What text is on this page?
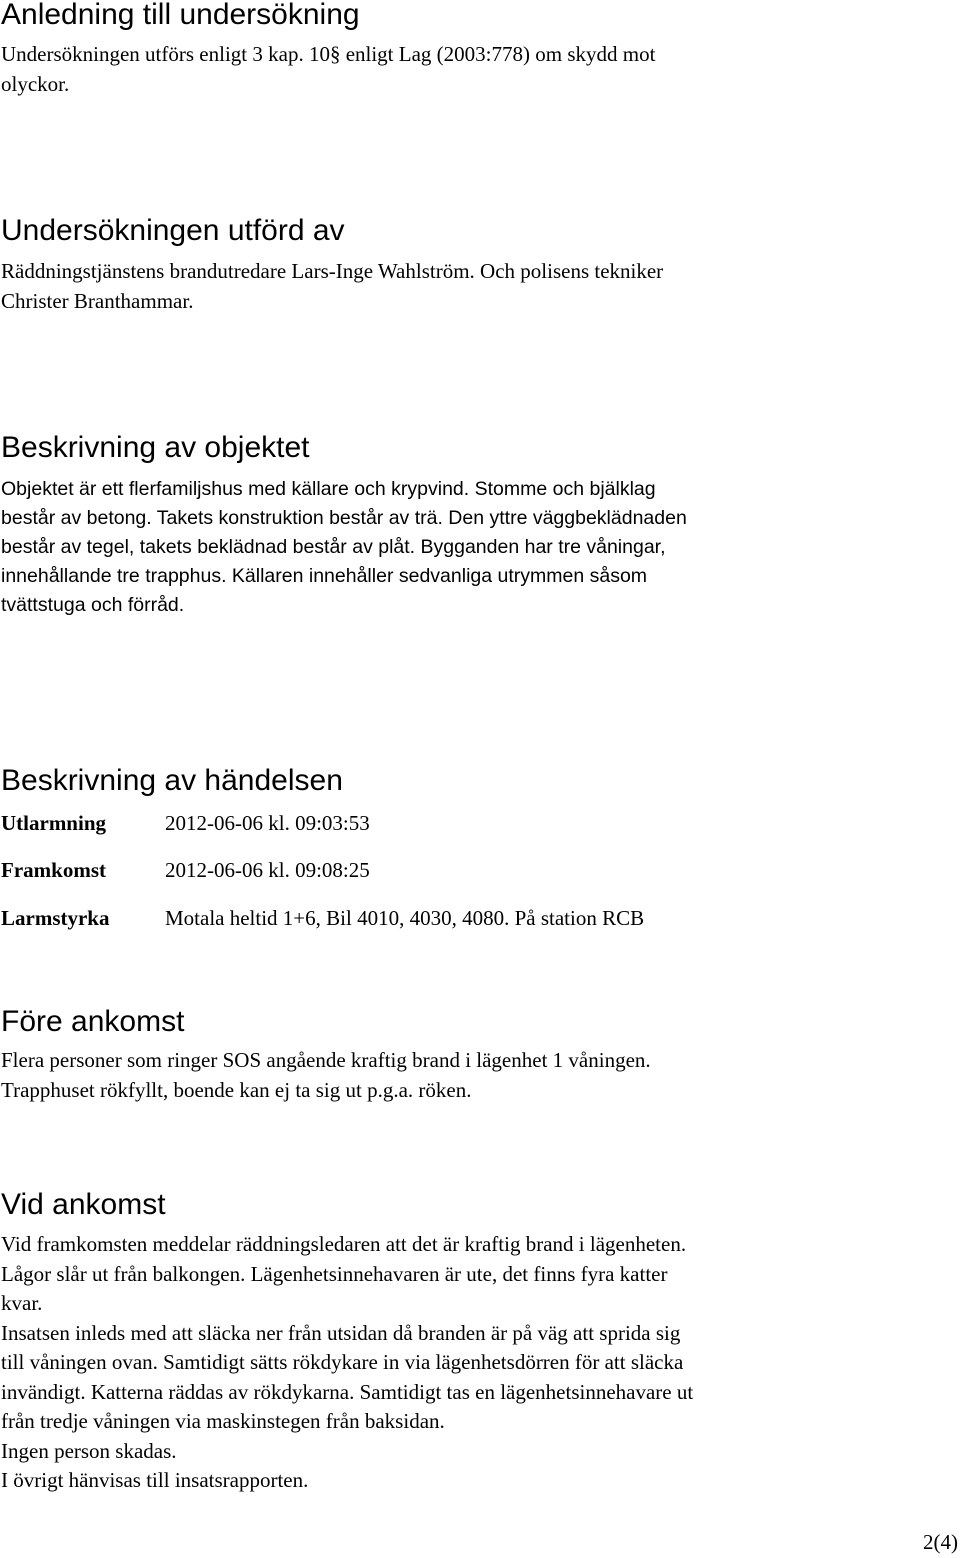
Anledning till undersökning

Undersökningen utförs enligt 3 kap. 10§ enligt Lag (2003:778) om skydd mot
olyckor.

Undersökningen utförd av

Räddningstjänstens brandutredare Lars-Inge Wahlström. Och polisens tekniker
Christer Branthammar.

Beskrivning av objektet

Objektet är ett flerfamiljshus med källare och krypvind. Stomme och bjälklag
består av betong. Takets konstruktion består av trä. Den yttre väggbeklädnaden
består av tegel, takets beklädnad består av plåt. Bygganden har tre våningar,
innehållande tre trapphus. Källaren innehåller sedvanliga utrymmen såsom
tvättstuga och förråd.

Beskrivning av händelsen
Utlarmning	2012-06-06 kl. 09:03:53
Framkomst	2012-06-06 kl. 09:08:25
Larmstyrka	Motala heltid 1+6, Bil 4010, 4030, 4080. På station RCB
Före ankomst

Flera personer som ringer SOS angående kraftig brand i lägenhet 1 våningen.
Trapphuset rökfyllt, boende kan ej ta sig ut p.g.a. röken.

Vid ankomst

Vid framkomsten meddelar räddningsledaren att det är kraftig brand i lägenheten.
Lågor slår ut från balkongen. Lägenhetsinnehavaren är ute, det finns fyra katter
kvar.
Insatsen inleds med att släcka ner från utsidan då branden är på väg att sprida sig
till våningen ovan. Samtidigt sätts rökdykare in via lägenhetsdörren för att släcka
invändigt. Katterna räddas av rökdykarna. Samtidigt tas en lägenhetsinnehavare ut
från tredje våningen via maskinstegen från baksidan.
Ingen person skadas.
I övrigt hänvisas till insatsrapporten.

2(4)
